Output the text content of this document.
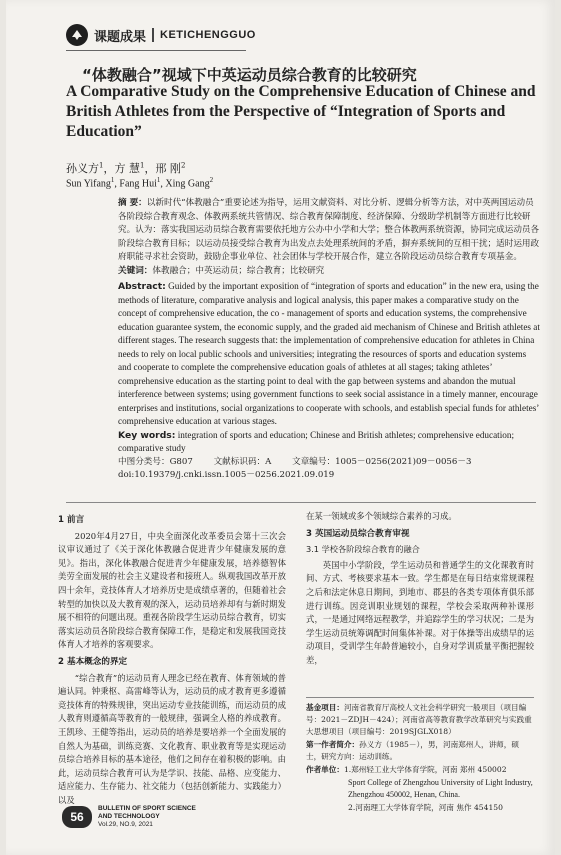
课题成果 KETICHENGGUO
“体教融合”视域下中英运动员综合教育的比较研究
A Comparative Study on the Comprehensive Education of Chinese and British Athletes from the Perspective of “Integration of Sports and Education”
孙义方$^1$，方 慧$^1$，邢 刚$^2$
Sun Yifang$^1$, Fang Hui$^1$, Xing Gang$^2$
摘 要：以新时代“体教融合”重要论述为指导，运用文献资料、对比分析、逻辑分析等方法，对中英两国运动员各阶段综合教育观念、体教两系统共管情况、综合教育保障制度、经济保障、分级助学机制等方面进行比较研究。认为：落实我国运动员综合教育需要依托地方公办中小学和大学；整合体教两系统资源，协同完成运动员各阶段综合教育目标；以运动员接受综合教育为出发点去处理系统间的矛盾，摒弃系统间的互相干扰；适时运用政府职能寻求社会资助，鼓励企事业单位、社会团体与学校开展合作，建立各阶段运动员综合教育专项基金。
关键词：体教融合；中英运动员；综合教育；比较研究
Abstract: Guided by the important exposition of “integration of sports and education” in the new era, using the methods of literature, comparative analysis and logical analysis, this paper makes a comparative study on the concept of comprehensive education, the co - management of sports and education systems, the comprehensive education guarantee system, the economic supply, and the graded aid mechanism of Chinese and British athletes at different stages. The research suggests that: the implementation of comprehensive education for athletes in China needs to rely on local public schools and universities; integrating the resources of sports and education systems and cooperate to complete the comprehensive education goals of athletes at all stages; taking athletes’ comprehensive education as the starting point to deal with the gap between systems and abandon the mutual interference between systems; using government functions to seek social assistance in a timely manner, encourage enterprises and institutions, social organizations to cooperate with schools, and establish special funds for athletes’ comprehensive education at various stages.
Key words: integration of sports and education; Chinese and British athletes; comprehensive education; comparative study
中图分类号：G807 文献标识码：A 文章编号：1005－0256(2021)09－0056－3
doi:10.19379/j.cnki.issn.1005－0256.2021.09.019
1 前言

2020年4月27日，中央全面深化改革委员会第十三次会议审议通过了《关于深化体教融合促进青少年健康发展的意见》。指出，深化体教融合促进青少年健康发展，培养德智体美劳全面发展的社会主义建设者和接班人。纵观我国改革开放四十余年，竞技体育人才培养历史是成绩卓著的，但随着社会转型的加快以及大教育观的深入，运动员培养却有与新时期发展不相符的问题出现。重视各阶段学生运动员综合教育，切实落实运动员各阶段综合教育保障工作，是稳定和发展我国竞技体育人才培养的客观要求。

2 基本概念的界定

“综合教育”的运动员育人理念已经在教育、体育领域的普遍认同。钟秉枢、高雷峰等认为，运动员的成才教育更多遵循竞技体育的特殊规律，突出运动专业技能训练，而运动员的成人教育则遵循高等教育的一般规律，强调全人格的养成教育。王凯珍、王健等指出，运动员的培养是要培养一个全面发展的自然人为基础，训练竞赛、文化教育、职业教育等是实现运动员综合培养目标的基本途径，他们之间存在着积极的影响。由此，运动员综合教育可认为是学识、技能、品格、应变能力、适应能力、生存能力、社交能力（包括创新能力、实践能力）以及

在某一领域或多个领域综合素养的习成。

3 英国运动员综合教育审视
3.1 学校各阶段综合教育的融合

英国中小学阶段，学生运动员和普通学生的文化课教育时间、方式、考核要求基本一致。学生都是在每日结束常规课程之后和法定休息日期间，到地市、郡县的各类专项体育俱乐部进行训练。因竞训职业规划的课程，学校会采取两种补课形式，一是通过网络远程教学，并追踪学生的学习状况；二是为学生运动员统筹调配时间集体补课。对于体操等出成绩早的运动项目，受训学生年龄普遍较小，自身对学训质量平衡把握较差，

基金项目：河南省教育厅高校人文社会科学研究一般项目（项目编号：2021－ZDJH－424）；河南省高等教育教学改革研究与实践重大思想项目（项目编号：2019SJGLX018）
第一作者简介：孙义方（1985－），男，河南郑州人，讲师，硕士，研究方向：运动训练。
作者单位：1.郑州轻工业大学体育学院，河南 郑州 450002
Sport College of Zhengzhou University of Light Industry, Zhengzhou 450002, Henan, China.
2.河南理工大学体育学院，河南 焦作 454150
56
BULLETIN OF SPORT SCIENCE
AND TECHNOLOGY
Vol.29, NO.9, 2021
